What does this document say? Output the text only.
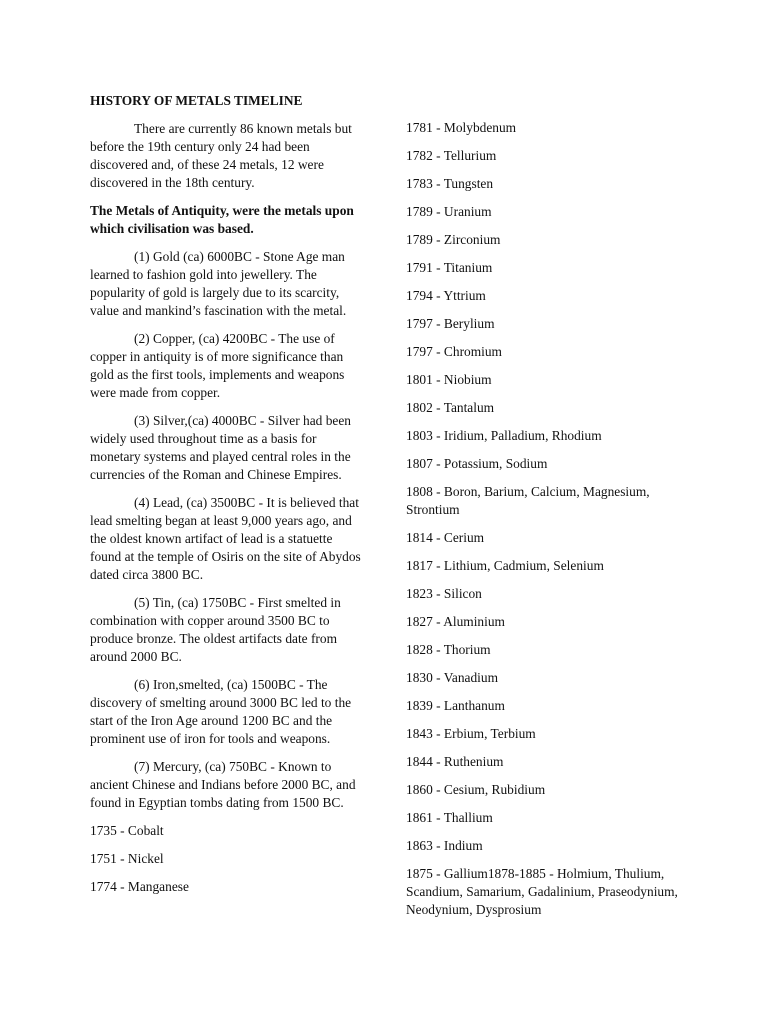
HISTORY OF METALS TIMELINE
There are currently 86 known metals but before the 19th century only 24 had been discovered and, of these 24 metals, 12 were discovered in the 18th century.
The Metals of Antiquity, were the metals upon which civilisation was based.
(1) Gold (ca) 6000BC - Stone Age man learned to fashion gold into jewellery. The popularity of gold is largely due to its scarcity, value and mankind’s fascination with the metal.
(2) Copper, (ca) 4200BC - The use of copper in antiquity is of more significance than gold as the first tools, implements and weapons were made from copper.
(3) Silver,(ca) 4000BC - Silver had been widely used throughout time as a basis for monetary systems and played central roles in the currencies of the Roman and Chinese Empires.
(4) Lead, (ca) 3500BC - It is believed that lead smelting began at least 9,000 years ago, and the oldest known artifact of lead is a statuette found at the temple of Osiris on the site of Abydos dated circa 3800 BC.
(5) Tin, (ca) 1750BC - First smelted in combination with copper around 3500 BC to produce bronze. The oldest artifacts date from around 2000 BC.
(6) Iron,smelted, (ca) 1500BC - The discovery of smelting around 3000 BC led to the start of the Iron Age around 1200 BC and the prominent use of iron for tools and weapons.
(7) Mercury, (ca) 750BC - Known to ancient Chinese and Indians before 2000 BC, and found in Egyptian tombs dating from 1500 BC.
1735 - Cobalt
1751 - Nickel
1774 - Manganese
1781 - Molybdenum
1782 - Tellurium
1783 - Tungsten
1789 - Uranium
1789 - Zirconium
1791 - Titanium
1794 - Yttrium
1797 - Berylium
1797 - Chromium
1801 - Niobium
1802 - Tantalum
1803 - Iridium, Palladium, Rhodium
1807 - Potassium, Sodium
1808 - Boron, Barium, Calcium, Magnesium, Strontium
1814 - Cerium
1817 - Lithium, Cadmium, Selenium
1823 - Silicon
1827 - Aluminium
1828 - Thorium
1830 - Vanadium
1839 - Lanthanum
1843 - Erbium, Terbium
1844 - Ruthenium
1860 - Cesium, Rubidium
1861 - Thallium
1863 - Indium
1875 - Gallium1878-1885 - Holmium, Thulium, Scandium, Samarium, Gadalinium, Praseodynium, Neodynium, Dysprosium
